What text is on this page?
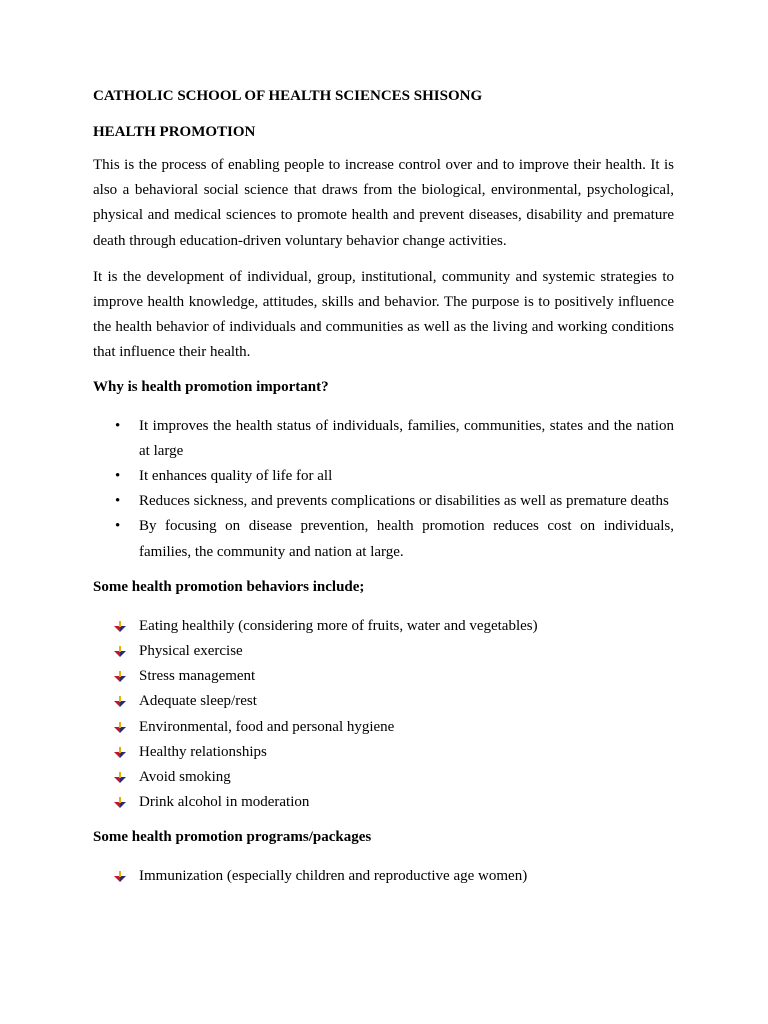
CATHOLIC SCHOOL OF HEALTH SCIENCES SHISONG

HEALTH PROMOTION

This is the process of enabling people to increase control over and to improve their health. It is also a behavioral social science that draws from the biological, environmental, psychological, physical and medical sciences to promote health and prevent diseases, disability and premature death through education-driven voluntary behavior change activities.

It is the development of individual, group, institutional, community and systemic strategies to improve health knowledge, attitudes, skills and behavior. The purpose is to positively influence the health behavior of individuals and communities as well as the living and working conditions that influence their health.

Why is health promotion important?

• It improves the health status of individuals, families, communities, states and the nation at large
• It enhances quality of life for all
• Reduces sickness, and prevents complications or disabilities as well as premature deaths
• By focusing on disease prevention, health promotion reduces cost on individuals, families, the community and nation at large.

Some health promotion behaviors include;

Eating healthily (considering more of fruits, water and vegetables)
Physical exercise
Stress management
Adequate sleep/rest
Environmental, food and personal hygiene
Healthy relationships
Avoid smoking
Drink alcohol in moderation

Some health promotion programs/packages

Immunization (especially children and reproductive age women)
